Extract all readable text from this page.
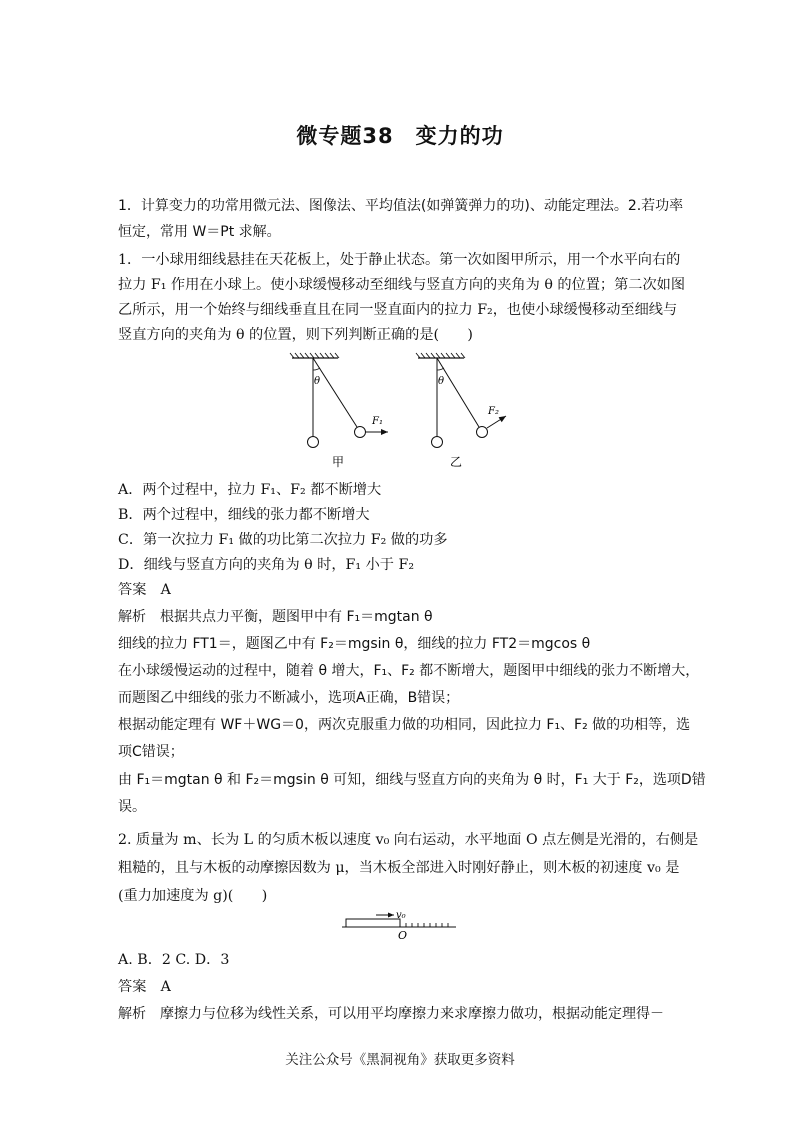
微专题38　变力的功
1．计算变力的功常用微元法、图像法、平均值法(如弹簧弹力的功)、动能定理法。2.若功率
恒定，常用 W＝Pt 求解。
1．一小球用细线悬挂在天花板上，处于静止状态。第一次如图甲所示，用一个水平向右的
拉力 F₁ 作用在小球上。使小球缓慢移动至细线与竖直方向的夹角为 θ 的位置；第二次如图
乙所示，用一个始终与细线垂直且在同一竖直面内的拉力 F₂，也使小球缓慢移动至细线与
竖直方向的夹角为 θ 的位置，则下列判断正确的是(　　)
θ
F₁
甲
θ
F₂
乙
A．两个过程中，拉力 F₁、F₂ 都不断增大
B．两个过程中，细线的张力都不断增大
C．第一次拉力 F₁ 做的功比第二次拉力 F₂ 做的功多
D．细线与竖直方向的夹角为 θ 时，F₁ 小于 F₂
答案　A
解析　根据共点力平衡，题图甲中有 F₁＝mgtan θ
细线的拉力 FT1＝，题图乙中有 F₂＝mgsin θ，细线的拉力 FT2＝mgcos θ
在小球缓慢运动的过程中，随着 θ 增大，F₁、F₂ 都不断增大，题图甲中细线的张力不断增大，
而题图乙中细线的张力不断减小，选项A正确，B错误；
根据动能定理有 WF＋WG＝0，两次克服重力做的功相同，因此拉力 F₁、F₂ 做的功相等，选
项C错误；
由 F₁＝mgtan θ 和 F₂＝mgsin θ 可知，细线与竖直方向的夹角为 θ 时，F₁ 大于 F₂，选项D错
误。
2. 质量为 m、长为 L 的匀质木板以速度 v₀ 向右运动，水平地面 O 点左侧是光滑的，右侧是
粗糙的，且与木板的动摩擦因数为 μ，当木板全部进入时刚好静止，则木板的初速度 v₀ 是
(重力加速度为 g)(　　)
v₀
O
A. B．2 C. D．3
答案　A
解析　摩擦力与位移为线性关系，可以用平均摩擦力来求摩擦力做功，根据动能定理得－
关注公众号《黑洞视角》获取更多资料
